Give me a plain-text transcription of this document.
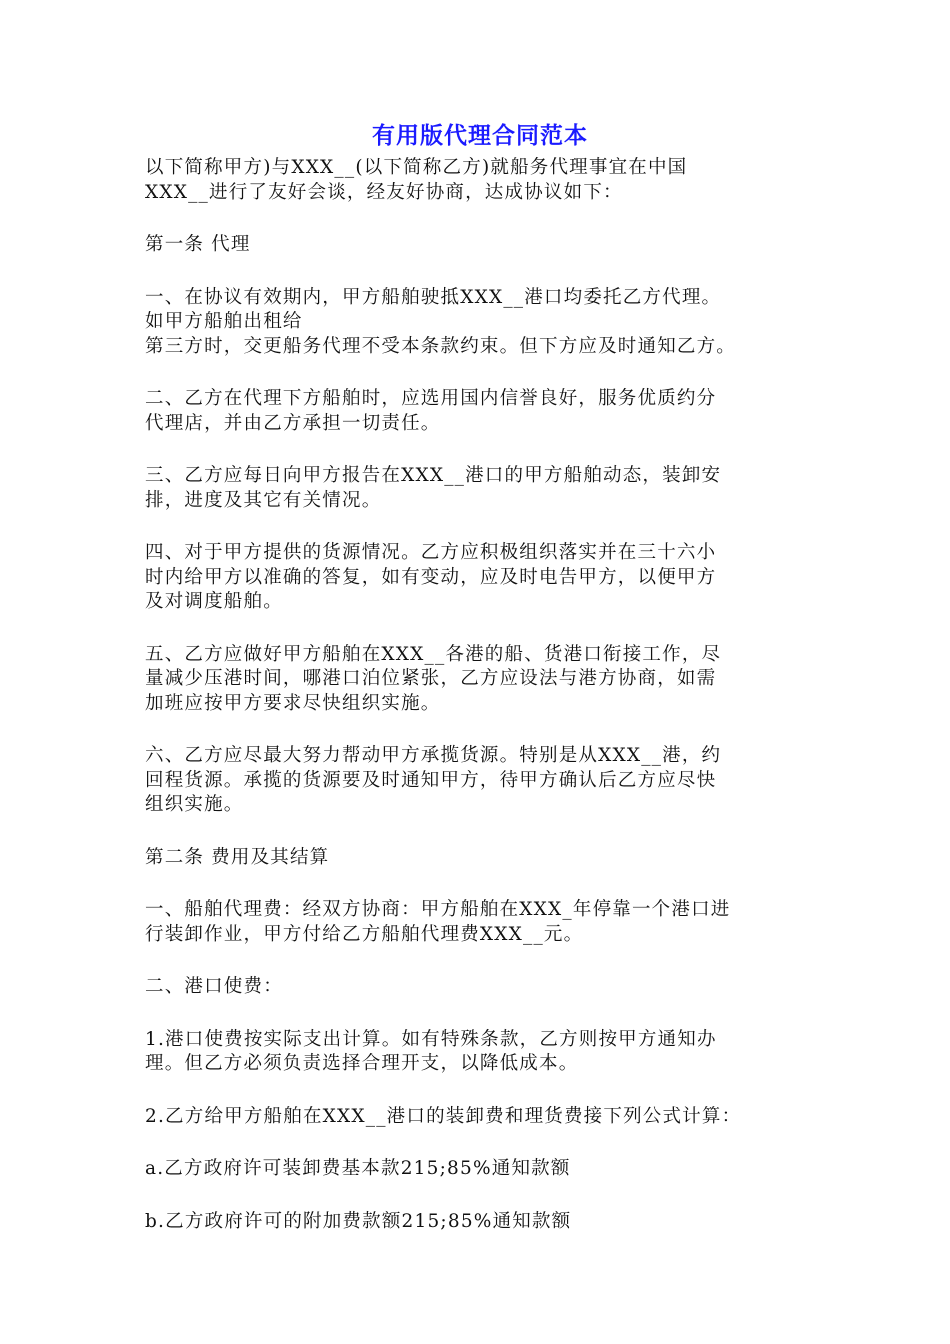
有用版代理合同范本
以下简称甲方)与XXX__(以下简称乙方)就船务代理事宜在中国
XXX__进行了友好会谈，经友好协商，达成协议如下：
第一条 代理
一、在协议有效期内，甲方船舶驶抵XXX__港口均委托乙方代理。
如甲方船舶出租给
第三方时，交更船务代理不受本条款约束。但下方应及时通知乙方。
二、乙方在代理下方船舶时，应选用国内信誉良好，服务优质约分
代理店，并由乙方承担一切责任。
三、乙方应每日向甲方报告在XXX__港口的甲方船舶动态，装卸安
排，进度及其它有关情况。
四、对于甲方提供的货源情况。乙方应积极组织落实并在三十六小
时内给甲方以准确的答复，如有变动，应及时电告甲方，以便甲方
及对调度船舶。
五、乙方应做好甲方船舶在XXX__各港的船、货港口衔接工作，尽
量减少压港时间，哪港口泊位紧张，乙方应设法与港方协商，如需
加班应按甲方要求尽快组织实施。
六、乙方应尽最大努力帮动甲方承揽货源。特别是从XXX__港，约
回程货源。承揽的货源要及时通知甲方，待甲方确认后乙方应尽快
组织实施。
第二条 费用及其结算
一、船舶代理费：经双方协商：甲方船舶在XXX_年停靠一个港口进
行装卸作业，甲方付给乙方船舶代理费XXX__元。
二、港口使费：
1.港口使费按实际支出计算。如有特殊条款，乙方则按甲方通知办
理。但乙方必须负责选择合理开支，以降低成本。
2.乙方给甲方船舶在XXX__港口的装卸费和理货费接下列公式计算：
a.乙方政府许可装卸费基本款215;85%通知款额
b.乙方政府许可的附加费款额215;85%通知款额
